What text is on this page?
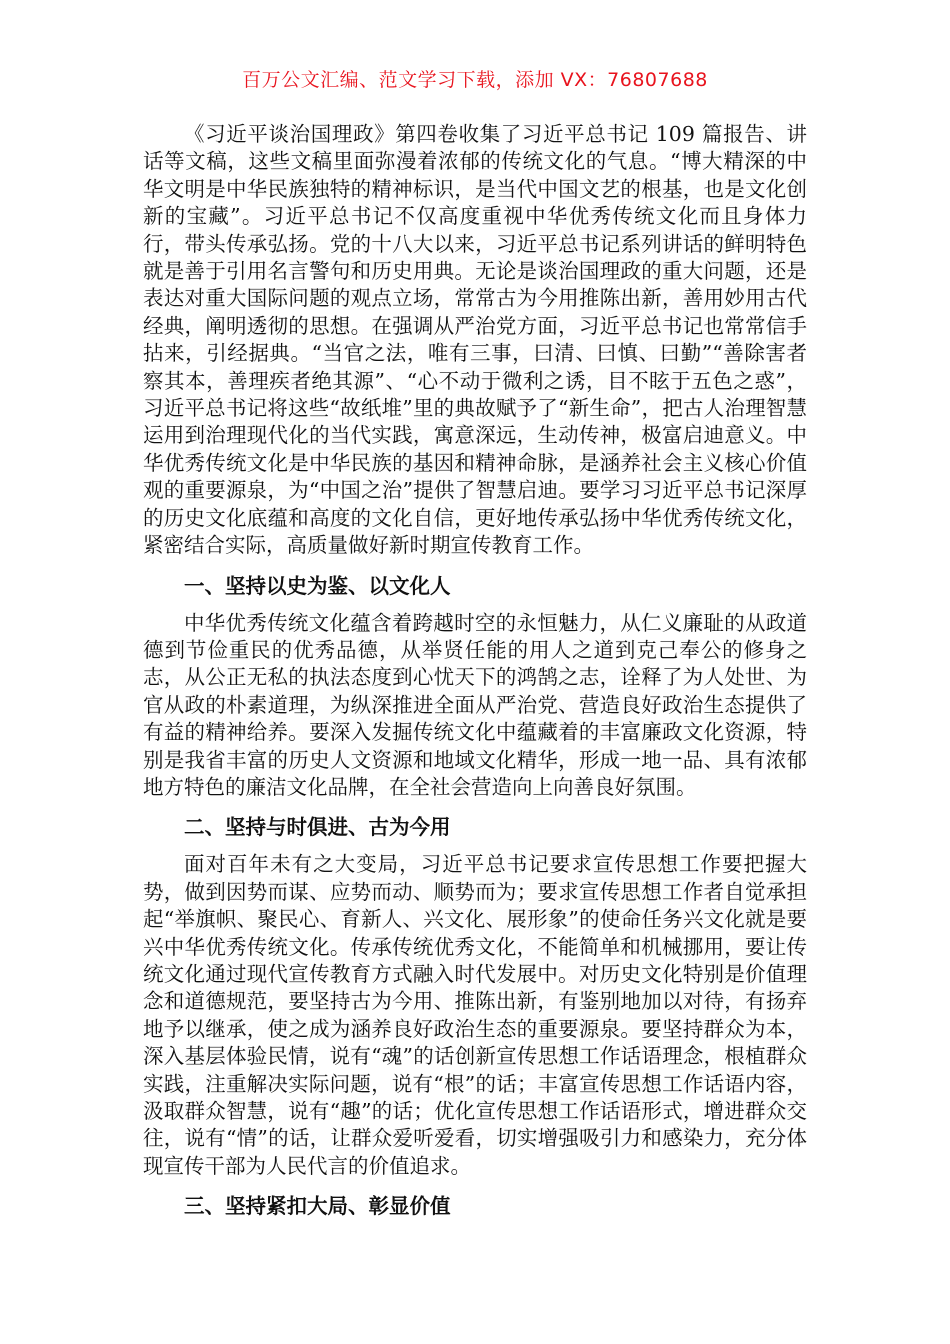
百万公文汇编、范文学习下载，添加 VX：76807688

《习近平谈治国理政》第四卷收集了习近平总书记 109 篇报告、讲话等文稿，这些文稿里面弥漫着浓郁的传统文化的气息。“博大精深的中华文明是中华民族独特的精神标识，是当代中国文艺的根基，也是文化创新的宝藏”。习近平总书记不仅高度重视中华优秀传统文化而且身体力行，带头传承弘扬。党的十八大以来，习近平总书记系列讲话的鲜明特色就是善于引用名言警句和历史用典。无论是谈治国理政的重大问题，还是表达对重大国际问题的观点立场，常常古为今用推陈出新，善用妙用古代经典，阐明透彻的思想。在强调从严治党方面，习近平总书记也常常信手拈来，引经据典。“当官之法，唯有三事，曰清、曰慎、曰勤”“善除害者察其本，善理疾者绝其源”、“心不动于微利之诱，目不眩于五色之惑”，习近平总书记将这些“故纸堆”里的典故赋予了“新生命”，把古人治理智慧运用到治理现代化的当代实践，寓意深远，生动传神，极富启迪意义。中华优秀传统文化是中华民族的基因和精神命脉，是涵养社会主义核心价值观的重要源泉，为“中国之治”提供了智慧启迪。要学习习近平总书记深厚的历史文化底蕴和高度的文化自信，更好地传承弘扬中华优秀传统文化，紧密结合实际，高质量做好新时期宣传教育工作。

一、坚持以史为鉴、以文化人

中华优秀传统文化蕴含着跨越时空的永恒魅力，从仁义廉耻的从政道德到节俭重民的优秀品德，从举贤任能的用人之道到克己奉公的修身之志，从公正无私的执法态度到心忧天下的鸿鹄之志，诠释了为人处世、为官从政的朴素道理，为纵深推进全面从严治党、营造良好政治生态提供了有益的精神给养。要深入发掘传统文化中蕴藏着的丰富廉政文化资源，特别是我省丰富的历史人文资源和地域文化精华，形成一地一品、具有浓郁地方特色的廉洁文化品牌，在全社会营造向上向善良好氛围。

二、坚持与时俱进、古为今用

面对百年未有之大变局，习近平总书记要求宣传思想工作要把握大势，做到因势而谋、应势而动、顺势而为；要求宣传思想工作者自觉承担起“举旗帜、聚民心、育新人、兴文化、展形象”的使命任务兴文化就是要兴中华优秀传统文化。传承传统优秀文化，不能简单和机械挪用，要让传统文化通过现代宣传教育方式融入时代发展中。对历史文化特别是价值理念和道德规范，要坚持古为今用、推陈出新，有鉴别地加以对待，有扬弃地予以继承，使之成为涵养良好政治生态的重要源泉。要坚持群众为本，深入基层体验民情，说有“魂”的话创新宣传思想工作话语理念，根植群众实践，注重解决实际问题，说有“根”的话；丰富宣传思想工作话语内容，汲取群众智慧，说有“趣”的话；优化宣传思想工作话语形式，增进群众交往，说有“情”的话，让群众爱听爱看，切实增强吸引力和感染力，充分体现宣传干部为人民代言的价值追求。

三、坚持紧扣大局、彰显价值
